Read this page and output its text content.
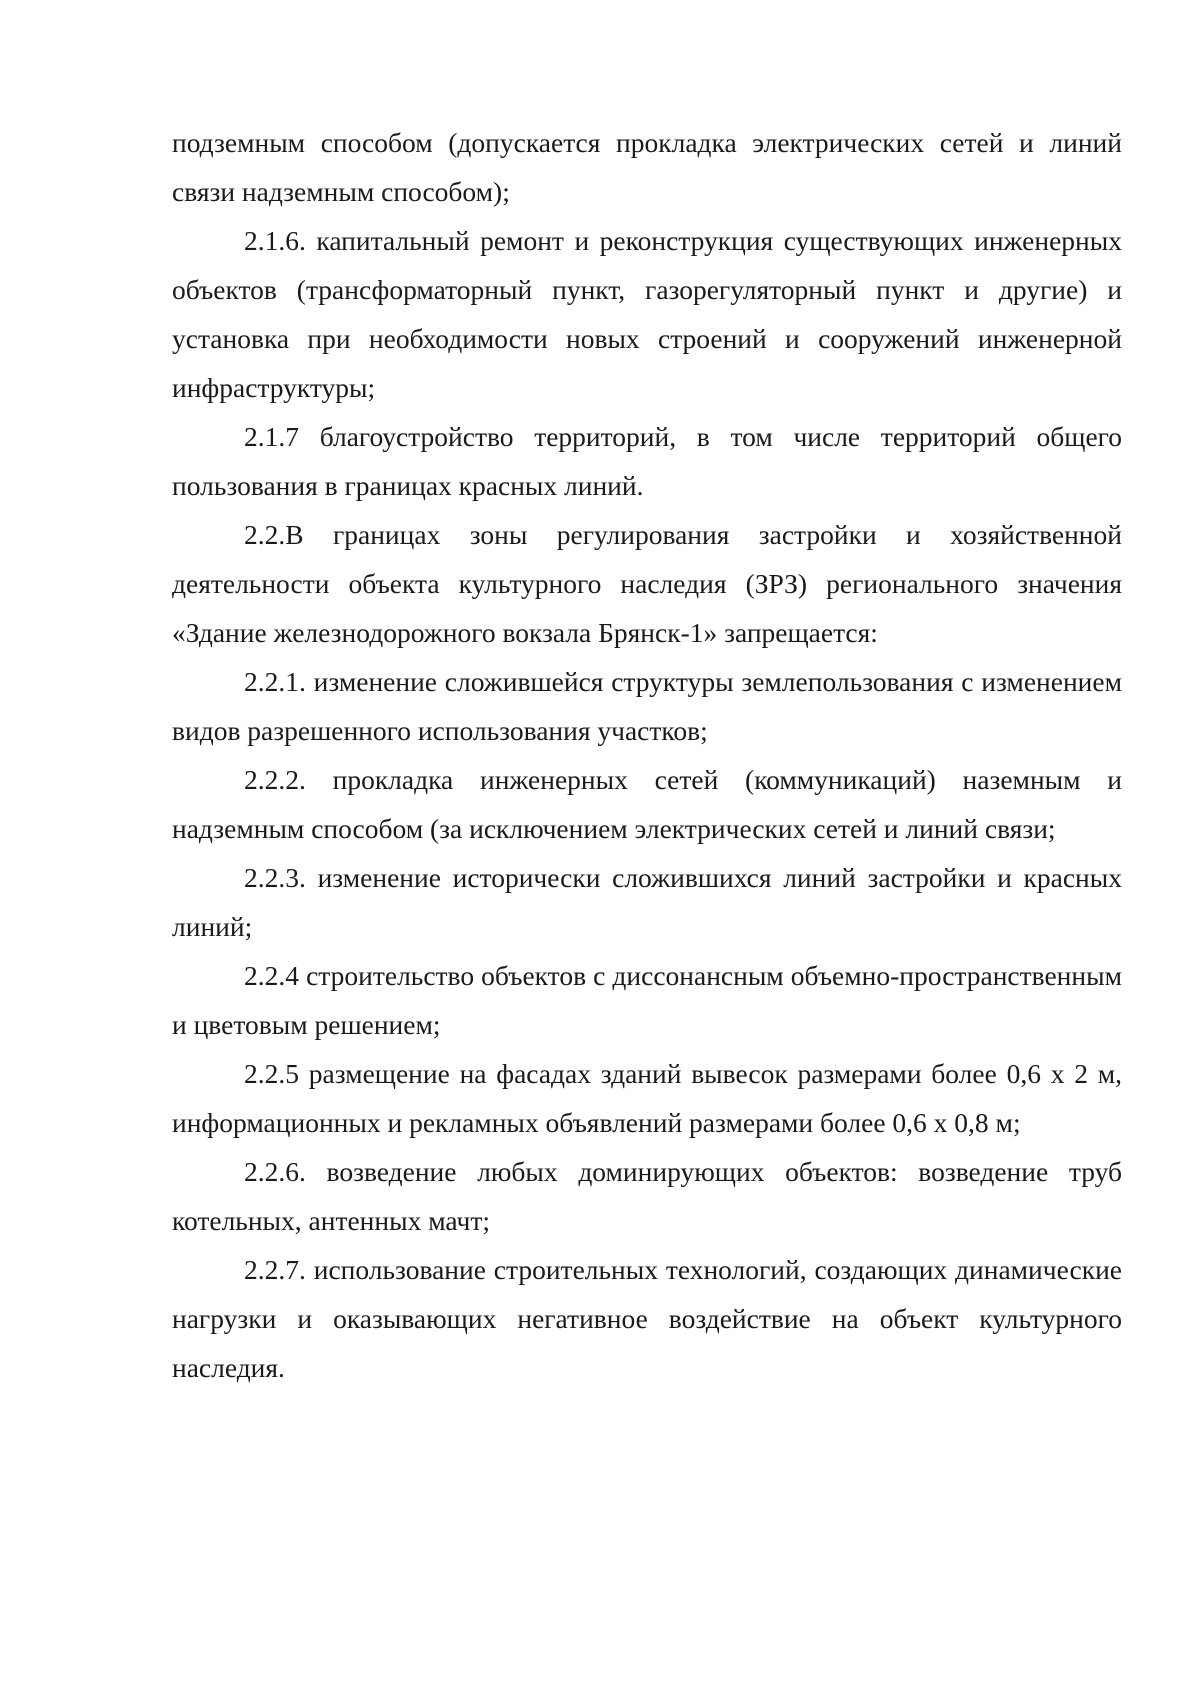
подземным способом (допускается прокладка электрических сетей и линий связи надземным способом);

2.1.6. капитальный ремонт и реконструкция существующих инженерных объектов (трансформаторный пункт, газорегуляторный пункт и другие) и установка при необходимости новых строений и сооружений инженерной инфраструктуры;

2.1.7 благоустройство территорий, в том числе территорий общего пользования в границах красных линий.

2.2.В границах зоны регулирования застройки и хозяйственной деятельности объекта культурного наследия (ЗРЗ) регионального значения «Здание железнодорожного вокзала Брянск-1» запрещается:

2.2.1. изменение сложившейся структуры землепользования с изменением видов разрешенного использования участков;

2.2.2. прокладка инженерных сетей (коммуникаций) наземным и надземным способом (за исключением электрических сетей и линий связи;

2.2.3. изменение исторически сложившихся линий застройки и красных линий;

2.2.4 строительство объектов с диссонансным объемно-пространственным и цветовым решением;

2.2.5 размещение на фасадах зданий вывесок размерами более 0,6 х 2 м, информационных и рекламных объявлений размерами более 0,6 х 0,8 м;

2.2.6. возведение любых доминирующих объектов: возведение труб котельных, антенных мачт;

2.2.7. использование строительных технологий, создающих динамические нагрузки и оказывающих негативное воздействие на объект культурного наследия.
